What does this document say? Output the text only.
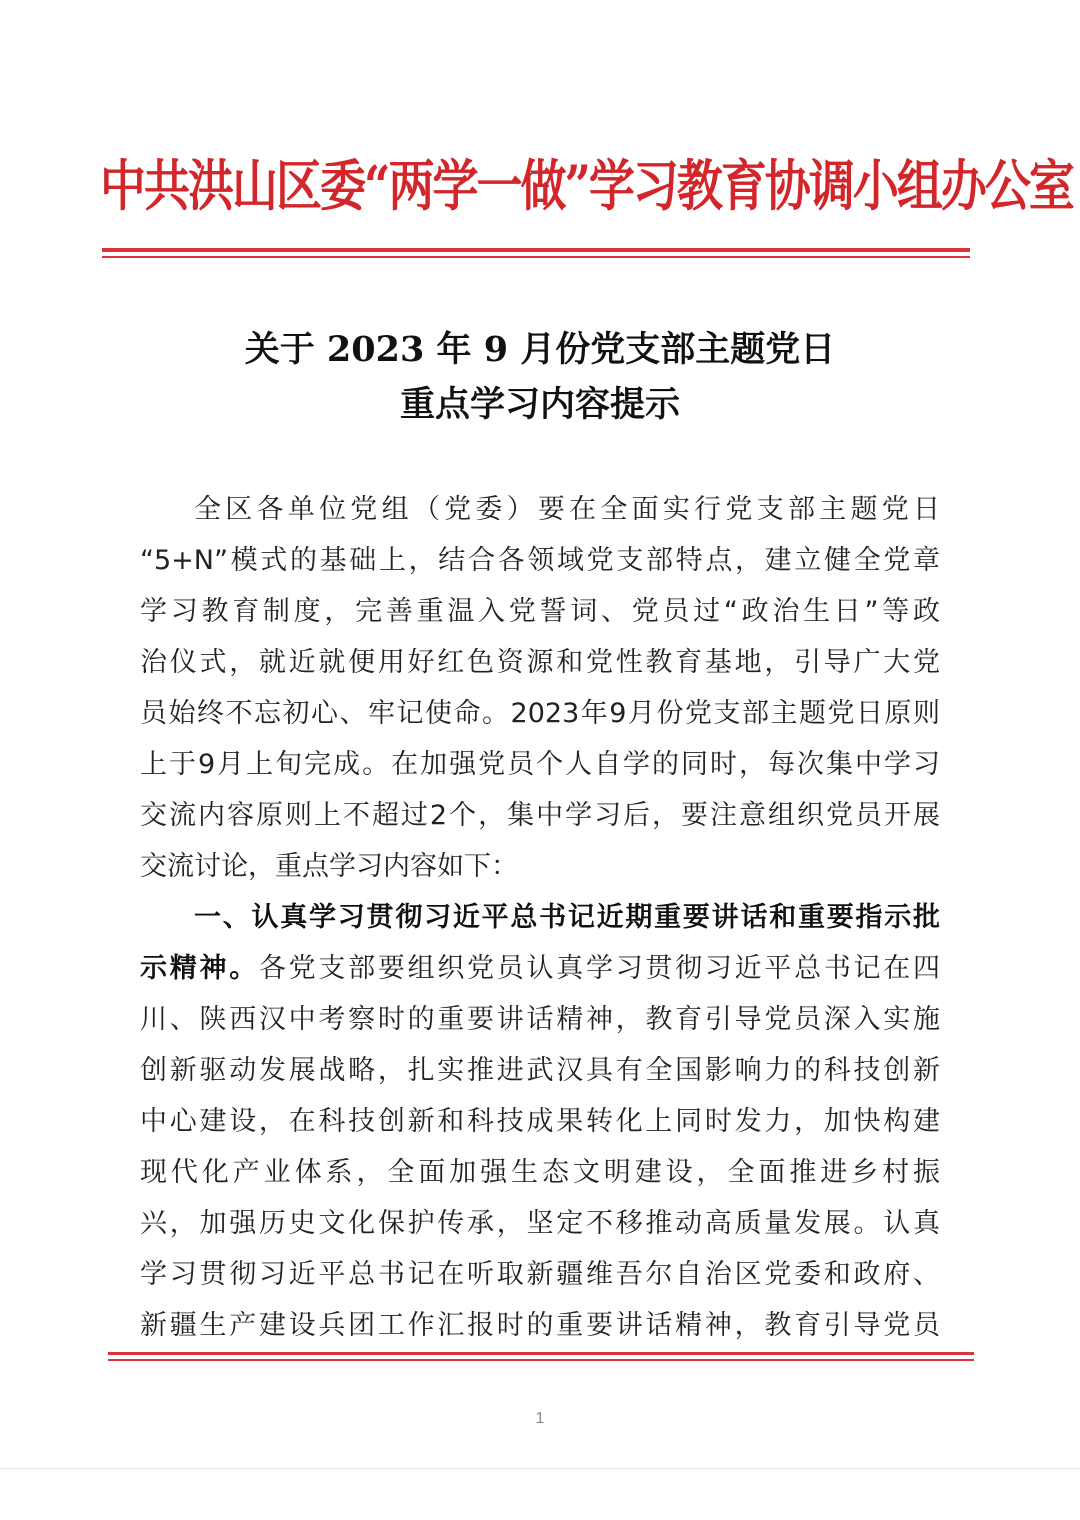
中共洪山区委“两学一做”学习教育协调小组办公室
关于 2023 年 9 月份党支部主题党日
重点学习内容提示
全区各单位党组（党委）要在全面实行党支部主题党日
“5+N”模式的基础上，结合各领域党支部特点，建立健全党章
学习教育制度，完善重温入党誓词、党员过“政治生日”等政
治仪式，就近就便用好红色资源和党性教育基地，引导广大党
员始终不忘初心、牢记使命。2023年9月份党支部主题党日原则
上于9月上旬完成。在加强党员个人自学的同时，每次集中学习
交流内容原则上不超过2个，集中学习后，要注意组织党员开展
交流讨论，重点学习内容如下：
一、认真学习贯彻习近平总书记近期重要讲话和重要指示批
示精神。各党支部要组织党员认真学习贯彻习近平总书记在四
川、陕西汉中考察时的重要讲话精神，教育引导党员深入实施
创新驱动发展战略，扎实推进武汉具有全国影响力的科技创新
中心建设，在科技创新和科技成果转化上同时发力，加快构建
现代化产业体系，全面加强生态文明建设，全面推进乡村振
兴，加强历史文化保护传承，坚定不移推动高质量发展。认真
学习贯彻习近平总书记在听取新疆维吾尔自治区党委和政府、
新疆生产建设兵团工作汇报时的重要讲话精神，教育引导党员
1
